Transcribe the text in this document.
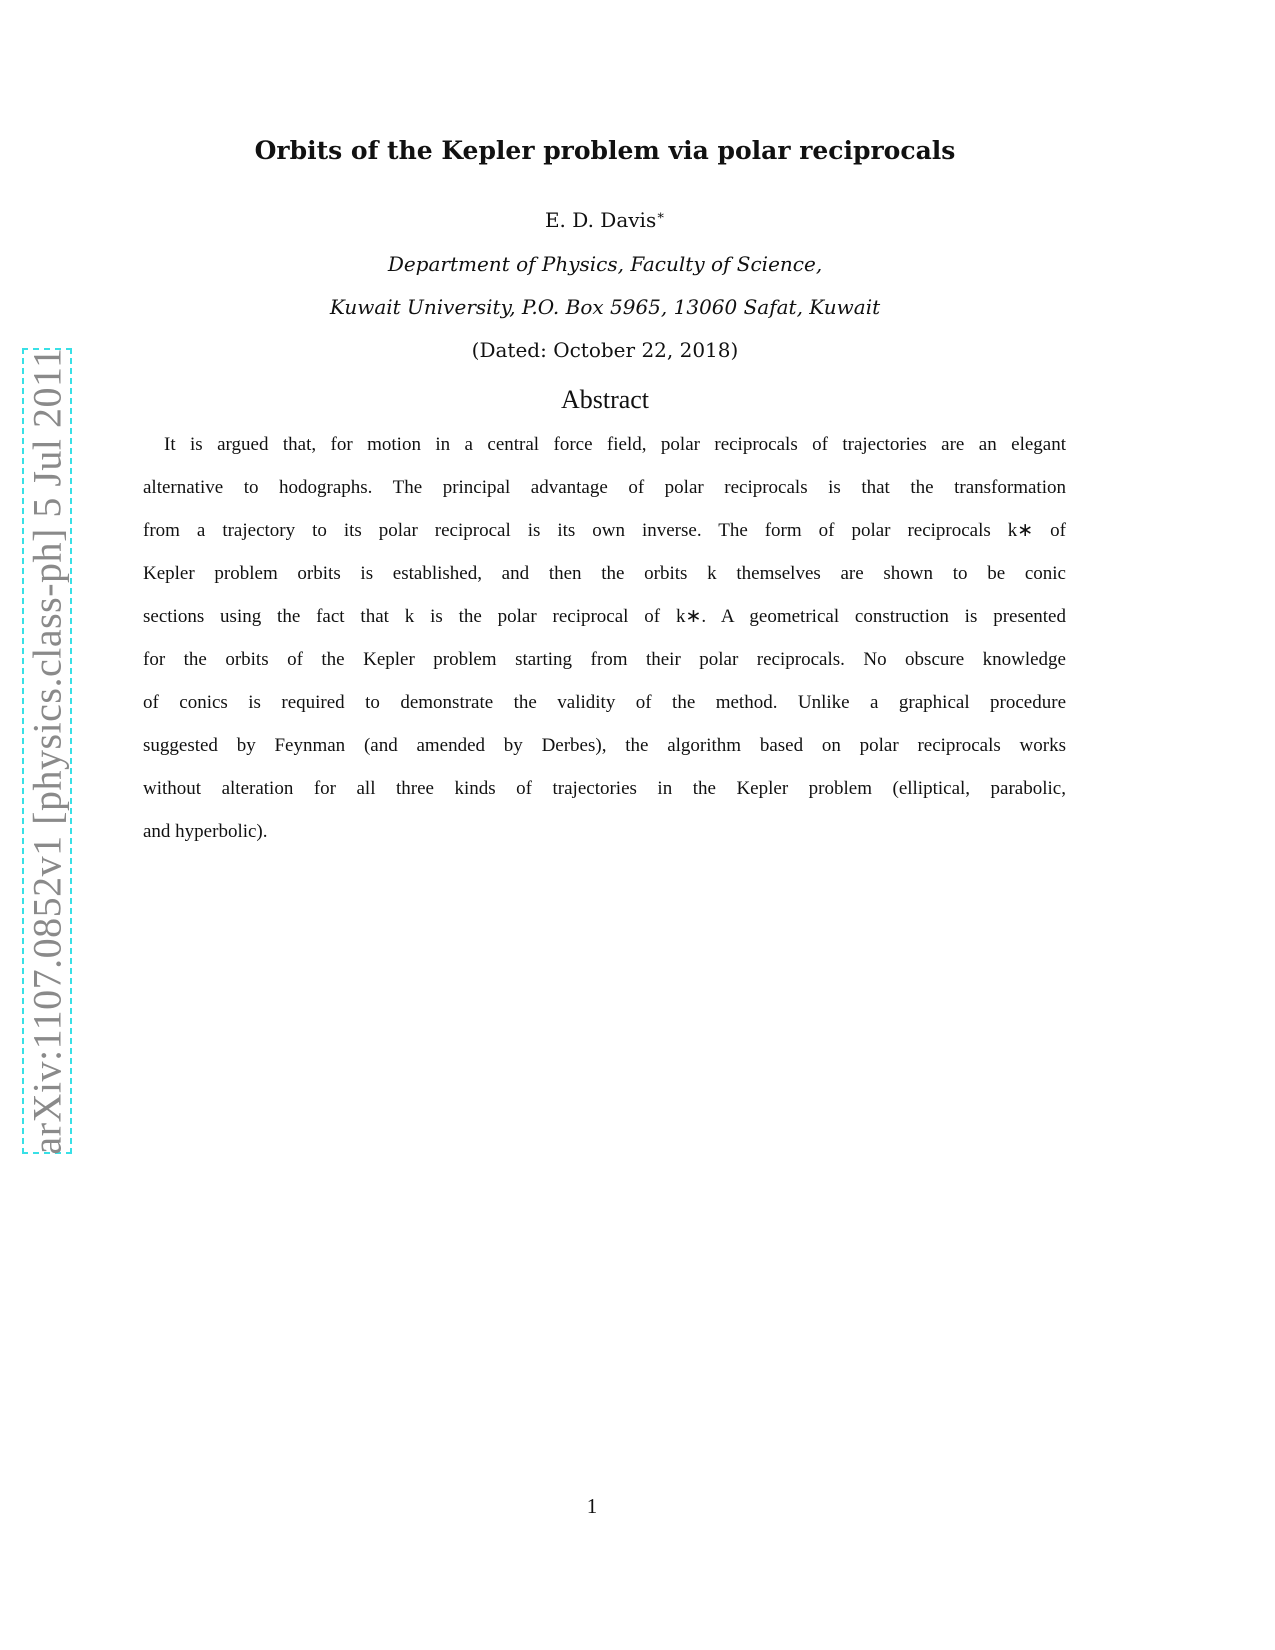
arXiv:1107.0852v1 [physics.class-ph] 5 Jul 2011
Orbits of the Kepler problem via polar reciprocals
E. D. Davis∗
Department of Physics, Faculty of Science,
Kuwait University, P.O. Box 5965, 13060 Safat, Kuwait
(Dated: October 22, 2018)
Abstract
It is argued that, for motion in a central force field, polar reciprocals of trajectories are an elegant
alternative to hodographs. The principal advantage of polar reciprocals is that the transformation
from a trajectory to its polar reciprocal is its own inverse. The form of polar reciprocals k∗ of
Kepler problem orbits is established, and then the orbits k themselves are shown to be conic
sections using the fact that k is the polar reciprocal of k∗. A geometrical construction is presented
for the orbits of the Kepler problem starting from their polar reciprocals. No obscure knowledge
of conics is required to demonstrate the validity of the method. Unlike a graphical procedure
suggested by Feynman (and amended by Derbes), the algorithm based on polar reciprocals works
without alteration for all three kinds of trajectories in the Kepler problem (elliptical, parabolic,
and hyperbolic).
1
